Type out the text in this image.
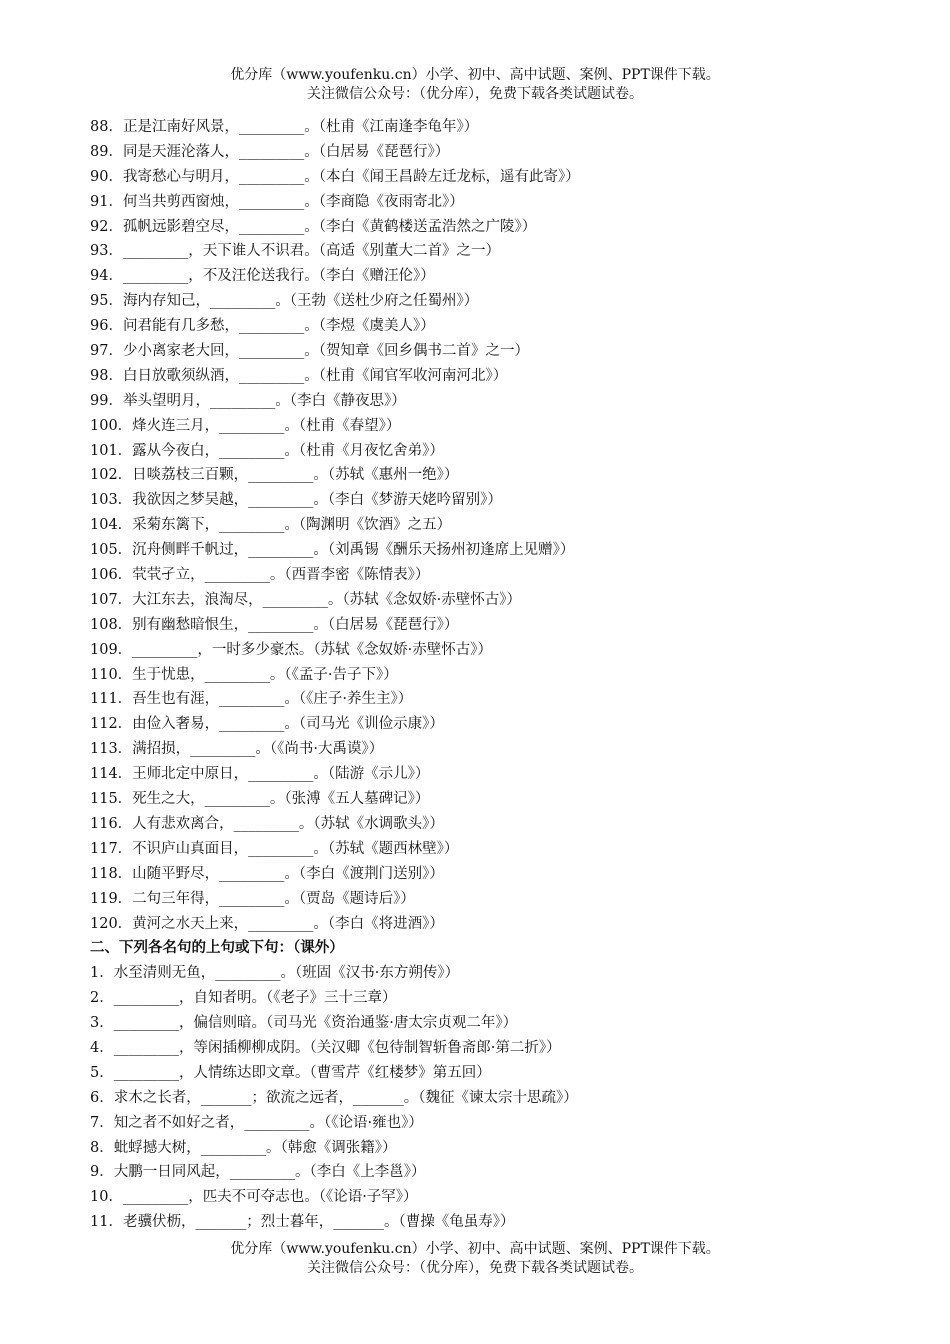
优分库（www.youfenku.cn）小学、初中、高中试题、案例、PPT课件下载。
关注微信公众号：（优分库），免费下载各类试题试卷。
88．正是江南好风景，_________。（杜甫《江南逢李龟年》）
89．同是天涯沦落人，_________。（白居易《琵琶行》）
90．我寄愁心与明月，_________。（本白《闻王昌龄左迁龙标，遥有此寄》）
91．何当共剪西窗烛，_________。（李商隐《夜雨寄北》）
92．孤帆远影碧空尽，_________。（李白《黄鹤楼送孟浩然之广陵》）
93．_________，天下谁人不识君。（高适《别董大二首》之一）
94．_________，不及汪伦送我行。（李白《赠汪伦》）
95．海内存知己，_________。（王勃《送杜少府之任蜀州》）
96．问君能有几多愁，_________。（李煜《虞美人》）
97．少小离家老大回，_________。（贺知章《回乡偶书二首》之一）
98．白日放歌须纵酒，_________。（杜甫《闻官军收河南河北》）
99．举头望明月，_________。（李白《静夜思》）
100．烽火连三月，_________。（杜甫《春望》）
101．露从今夜白，_________。（杜甫《月夜忆舍弟》）
102．日啖荔枝三百颗，_________。（苏轼《惠州一绝》）
103．我欲因之梦吴越，_________。（李白《梦游天姥吟留别》）
104．采菊东篱下，_________。（陶渊明《饮酒》之五）
105．沉舟侧畔千帆过，_________。（刘禹锡《酬乐天扬州初逢席上见赠》）
106．茕茕孑立，_________。（西晋李密《陈情表》）
107．大江东去，浪淘尽，_________。（苏轼《念奴娇·赤壁怀古》）
108．别有幽愁暗恨生，_________。（白居易《琵琶行》）
109．_________，一时多少豪杰。（苏轼《念奴娇·赤壁怀古》）
110．生于忧患，_________。（《孟子·告子下》）
111．吾生也有涯，_________。（《庄子·养生主》）
112．由俭入奢易，_________。（司马光《训俭示康》）
113．满招损，_________。（《尚书·大禹谟》）
114．王师北定中原日，_________。（陆游《示儿》）
115．死生之大，_________。（张溥《五人墓碑记》）
116．人有悲欢离合，_________。（苏轼《水调歌头》）
117．不识庐山真面目，_________。（苏轼《题西林壁》）
118．山随平野尽，_________。（李白《渡荆门送别》）
119．二句三年得，_________。（贾岛《题诗后》）
120．黄河之水天上来，_________。（李白《将进酒》）
二、下列各名句的上句或下句：（课外）
1．水至清则无鱼，_________。（班固《汉书·东方朔传》）
2．_________，自知者明。（《老子》三十三章）
3．_________，偏信则暗。（司马光《资治通鉴·唐太宗贞观二年》）
4．_________，等闲插柳柳成阴。（关汉卿《包待制智斩鲁斋郎·第二折》）
5．_________，人情练达即文章。（曹雪芹《红楼梦》第五回）
6．求木之长者，_______；欲流之远者，_______。（魏征《谏太宗十思疏》）
7．知之者不如好之者，_________。（《论语·雍也》）
8．蚍蜉撼大树，_________。（韩愈《调张籍》）
9．大鹏一日同风起，_________。（李白《上李邕》）
10．_________，匹夫不可夺志也。（《论语·子罕》）
11．老骥伏枥，_______；烈士暮年，_______。（曹操《龟虽寿》）
优分库（www.youfenku.cn）小学、初中、高中试题、案例、PPT课件下载。
关注微信公众号：（优分库），免费下载各类试题试卷。
